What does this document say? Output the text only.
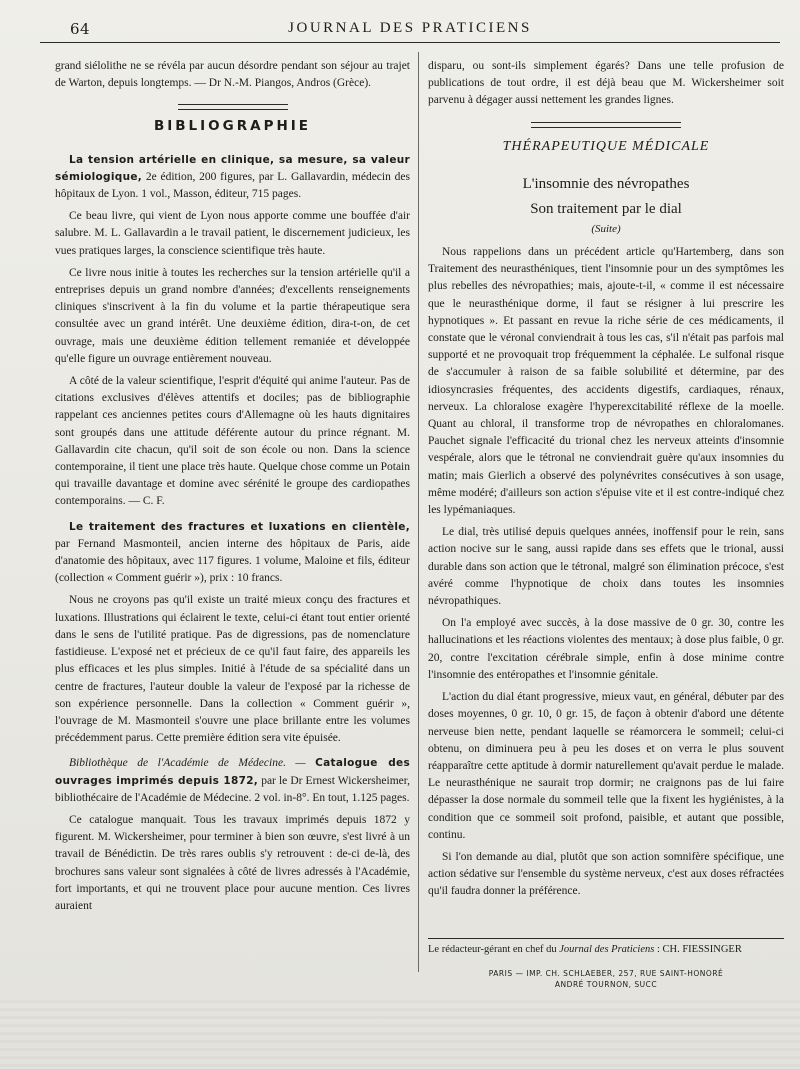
64	JOURNAL DES PRATICIENS

grand siélolithe ne se révéla par aucun désordre pendant son séjour au trajet de Warton, depuis longtemps. — Dr N.-M. Piangos, Andros (Grèce).

BIBLIOGRAPHIE

La tension artérielle en clinique, sa mesure, sa valeur sémiologique, 2e édition, 200 figures, par L. Gallavardin, médecin des hôpitaux de Lyon. 1 vol., Masson, éditeur, 715 pages.

Ce beau livre, qui vient de Lyon nous apporte comme une bouffée d'air salubre. M. L. Gallavardin a le travail patient, le discernement judicieux, les vues pratiques larges, la conscience scientifique très haute.

Ce livre nous initie à toutes les recherches sur la tension artérielle qu'il a entreprises depuis un grand nombre d'années; d'excellents renseignements cliniques s'inscrivent à la fin du volume et la partie thérapeutique sera consultée avec un grand intérêt. Une deuxième édition, dira-t-on, de cet ouvrage, mais une deuxième édition tellement remaniée et développée qu'elle figure un ouvrage entièrement nouveau.

A côté de la valeur scientifique, l'esprit d'équité qui anime l'auteur. Pas de citations exclusives d'élèves attentifs et dociles; pas de bibliographie rappelant ces anciennes petites cours d'Allemagne où les hauts dignitaires sont groupés dans une attitude déférente autour du prince régnant. M. Gallavardin cite chacun, qu'il soit de son école ou non. Dans la science contemporaine, il tient une place très haute. Quelque chose comme un Potain qui travaille davantage et domine avec sérénité le groupe des cardiopathes contemporains. — C. F.

Le traitement des fractures et luxations en clientèle, par Fernand Masmonteil, ancien interne des hôpitaux de Paris, aide d'anatomie des hôpitaux, avec 117 figures. 1 volume, Maloine et fils, éditeur (collection « Comment guérir »), prix : 10 francs.

Nous ne croyons pas qu'il existe un traité mieux conçu des fractures et luxations. Illustrations qui éclairent le texte, celui-ci étant tout entier orienté dans le sens de l'utilité pratique. Pas de digressions, pas de nomenclature fastidieuse. L'exposé net et précieux de ce qu'il faut faire, des appareils les plus efficaces et les plus simples. Initié à l'étude de sa spécialité dans un centre de fractures, l'auteur double la valeur de l'exposé par la richesse de son expérience personnelle. Dans la collection « Comment guérir », l'ouvrage de M. Masmonteil s'ouvre une place brillante entre les volumes précédemment parus. Cette première édition sera vite épuisée.

Bibliothèque de l'Académie de Médecine. — Catalogue des ouvrages imprimés depuis 1872, par le Dr Ernest Wickersheimer, bibliothécaire de l'Académie de Médecine. 2 vol. in-8°. En tout, 1.125 pages.

Ce catalogue manquait. Tous les travaux imprimés depuis 1872 y figurent. M. Wickersheimer, pour terminer à bien son œuvre, s'est livré à un travail de Bénédictin. De très rares oublis s'y retrouvent : de-ci de-là, des brochures sans valeur sont signalées à côté de livres adressés à l'Académie, fort importants, et qui ne trouvent place pour aucune mention. Ces livres auraient

disparu, ou sont-ils simplement égarés? Dans une telle profusion de publications de tout ordre, il est déjà beau que M. Wickersheimer soit parvenu à dégager aussi nettement les grandes lignes.

THÉRAPEUTIQUE MÉDICALE
L'insomnie des névropathes
Son traitement par le dial
(Suite)

Nous rappelions dans un précédent article qu'Hartemberg, dans son Traitement des neurasthéniques, tient l'insomnie pour un des symptômes les plus rebelles des névropathies; mais, ajoute-t-il, « comme il est nécessaire que le neurasthénique dorme, il faut se résigner à lui prescrire les hypnotiques ». Et passant en revue la riche série de ces médicaments, il constate que le véronal conviendrait à tous les cas, s'il n'était pas parfois mal supporté et ne provoquait trop fréquemment la céphalée. Le sulfonal risque de s'accumuler à raison de sa faible solubilité et détermine, par des idiosyncrasies fréquentes, des accidents digestifs, cardiaques, rénaux, nerveux. La chloralose exagère l'hyperexcitabilité réflexe de la moelle. Quant au chloral, il transforme trop de névropathes en chloralomanes. Pauchet signale l'efficacité du trional chez les nerveux atteints d'insomnie vespérale, alors que le tétronal ne conviendrait guère qu'aux insomnies du matin; mais Gierlich a observé des polynévrites consécutives à son usage, même modéré; d'ailleurs son action s'épuise vite et il est contre-indiqué chez les lypémaniaques.

Le dial, très utilisé depuis quelques années, inoffensif pour le rein, sans action nocive sur le sang, aussi rapide dans ses effets que le trional, aussi durable dans son action que le tétronal, malgré son élimination précoce, s'est avéré comme l'hypnotique de choix dans toutes les insomnies névropathiques.

On l'a employé avec succès, à la dose massive de 0 gr. 30, contre les hallucinations et les réactions violentes des mentaux; à dose plus faible, 0 gr. 20, contre l'excitation cérébrale simple, enfin à dose minime contre l'insomnie des entéropathes et l'insomnie génitale.

L'action du dial étant progressive, mieux vaut, en général, débuter par des doses moyennes, 0 gr. 10, 0 gr. 15, de façon à obtenir d'abord une détente nerveuse bien nette, pendant laquelle se réamorcera le sommeil; celui-ci obtenu, on diminuera peu à peu les doses et on verra le plus souvent réapparaître cette aptitude à dormir naturellement qu'avait perdue le malade. Le neurasthénique ne saurait trop dormir; ne craignons pas de lui faire dépasser la dose normale du sommeil telle que la fixent les hygiénistes, à la condition que ce sommeil soit profond, paisible, et autant que possible, continu.

Si l'on demande au dial, plutôt que son action somnifère spécifique, une action sédative sur l'ensemble du système nerveux, c'est aux doses réfractées qu'il faudra donner la préférence.

Le rédacteur-gérant en chef du Journal des Praticiens : CH. FIESSINGER
PARIS — IMP. CH. SCHLAEBER, 257, RUE SAINT-HONORÉ
ANDRÉ TOURNON, SUCC
